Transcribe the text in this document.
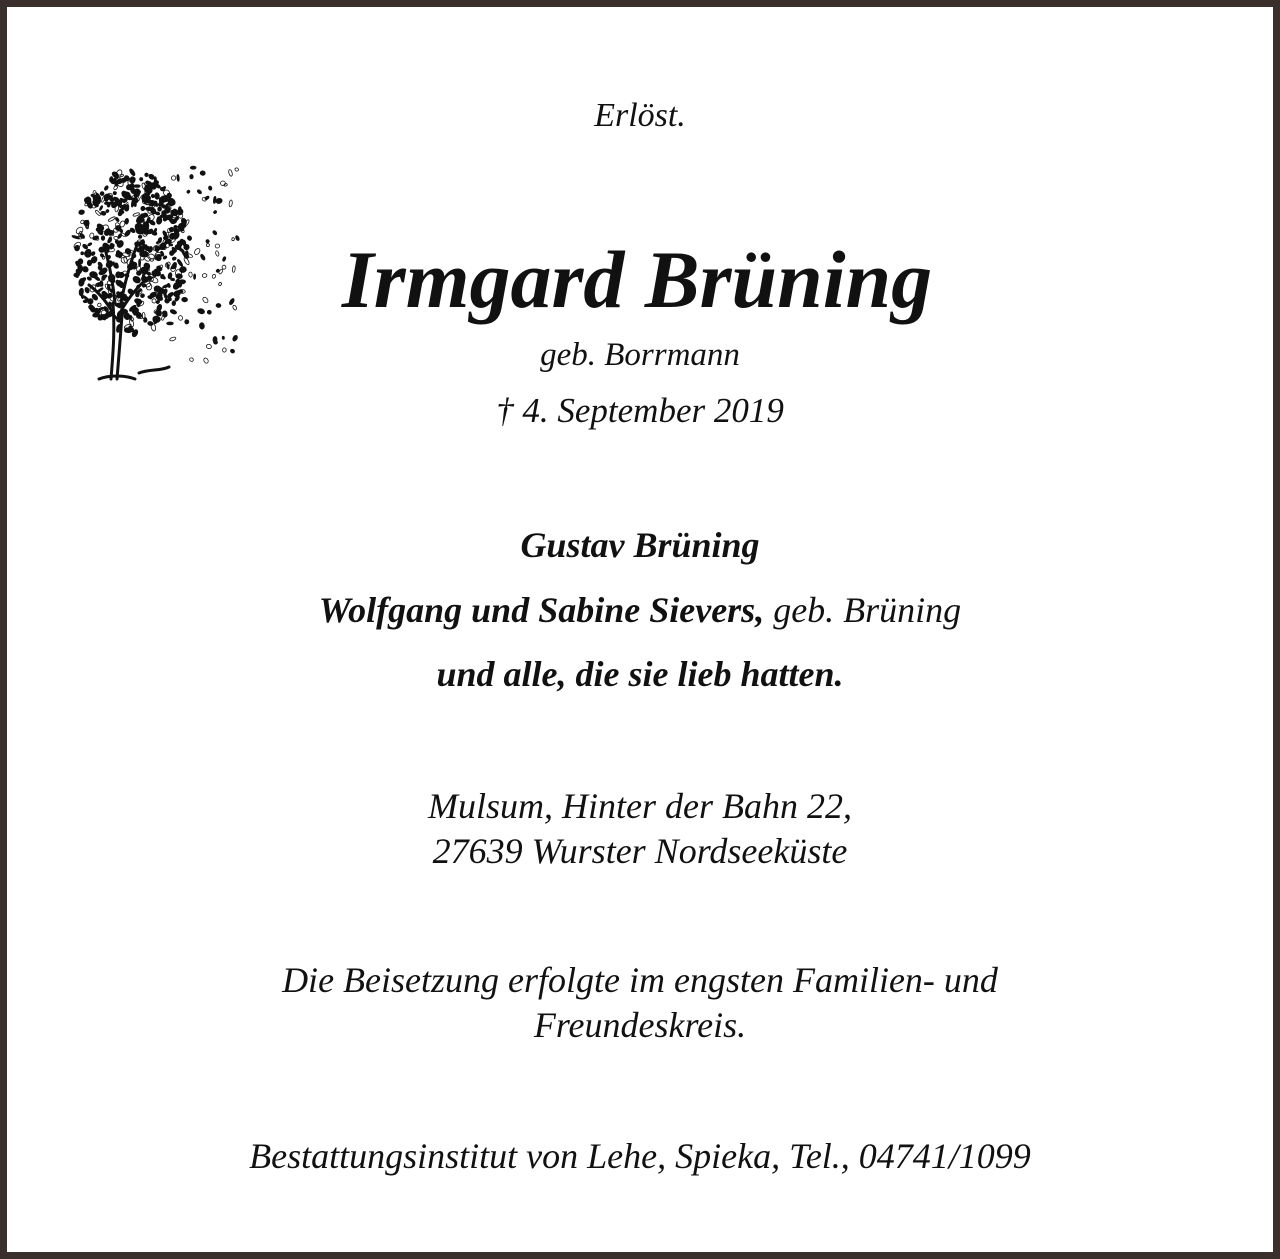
Erlöst.
Irmgard Brüning
geb. Borrmann
† 4. September 2019
Gustav Brüning
Wolfgang und Sabine Sievers, geb. Brüning
und alle, die sie lieb hatten.
Mulsum, Hinter der Bahn 22,
27639 Wurster Nordseeküste
Die Beisetzung erfolgte im engsten Familien- und
Freundeskreis.
Bestattungsinstitut von Lehe, Spieka, Tel., 04741/1099
